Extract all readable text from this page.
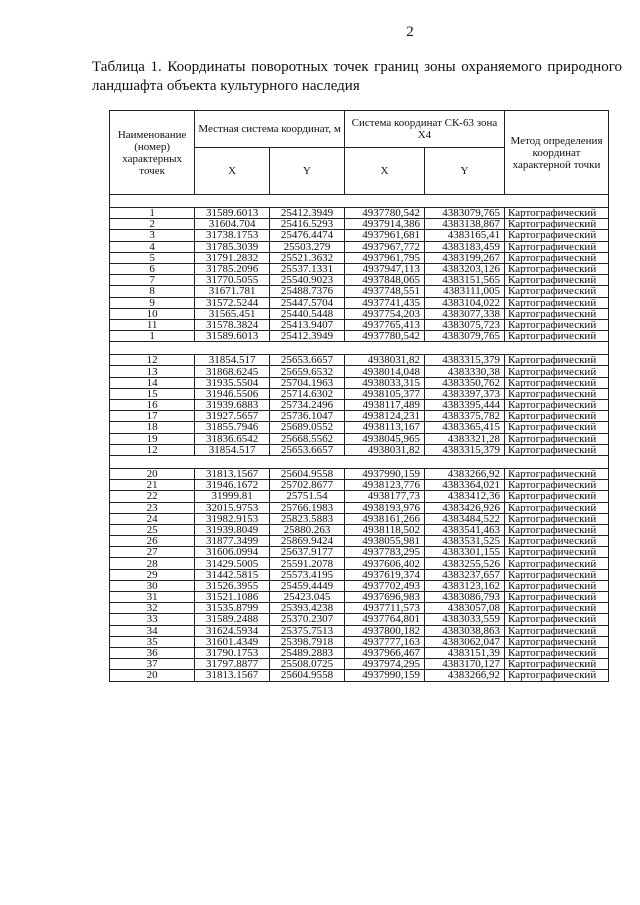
2
Таблица 1. Координаты поворотных точек границ зоны охраняемого природного ландшафта объекта культурного наследия
Наименование (номер) характерных точек	Местная система координат, м		Система координат СК-63 зона Х4		Метод определения координат характерной точки
	X	Y	X	Y	

1	31589.6013	25412.3949	4937780,542	4383079,765	Картографический
2	31604.704	25416.5293	4937914,386	4383138,867	Картографический
3	31738.1753	25476.4474	4937961,681	4383165,41	Картографический
4	31785.3039	25503.279	4937967,772	4383183,459	Картографический
5	31791.2832	25521.3632	4937961,795	4383199,267	Картографический
6	31785.2096	25537.1331	4937947,113	4383203,126	Картографический
7	31770.5055	25540.9023	4937848,065	4383151,565	Картографический
8	31671.781	25488.7376	4937748,551	4383111,005	Картографический
9	31572.5244	25447.5704	4937741,435	4383104,022	Картографический
10	31565.451	25440.5448	4937754,203	4383077,338	Картографический
11	31578.3824	25413.9407	4937765,413	4383075,723	Картографический
1	31589.6013	25412.3949	4937780,542	4383079,765	Картографический

12	31854.517	25653.6657	4938031,82	4383315,379	Картографический
13	31868.6245	25659.6532	4938014,048	4383330,38	Картографический
14	31935.5504	25704.1963	4938033,315	4383350,762	Картографический
15	31946.5506	25714.6302	4938105,377	4383397,373	Картографический
16	31939.6883	25734.2496	4938117,489	4383395,444	Картографический
17	31927.5657	25736.1047	4938124,231	4383375,782	Картографический
18	31855.7946	25689.0552	4938113,167	4383365,415	Картографический
19	31836.6542	25668.5562	4938045,965	4383321,28	Картографический
12	31854.517	25653.6657	4938031,82	4383315,379	Картографический

20	31813.1567	25604.9558	4937990,159	4383266,92	Картографический
21	31946.1672	25702.8677	4938123,776	4383364,021	Картографический
22	31999.81	25751.54	4938177,73	4383412,36	Картографический
23	32015.9753	25766.1983	4938193,976	4383426,926	Картографический
24	31982.9153	25823.5883	4938161,266	4383484,522	Картографический
25	31939.8049	25880.263	4938118,502	4383541,463	Картографический
26	31877.3499	25869.9424	4938055,981	4383531,525	Картографический
27	31606.0994	25637.9177	4937783,295	4383301,155	Картографический
28	31429.5005	25591.2078	4937606,402	4383255,526	Картографический
29	31442.5815	25573.4195	4937619,374	4383237,657	Картографический
30	31526.3955	25459.4449	4937702,493	4383123,162	Картографический
31	31521.1086	25423.045	4937696,983	4383086,793	Картографический
32	31535.8799	25393.4238	4937711,573	4383057,08	Картографический
33	31589.2488	25370.2307	4937764,801	4383033,559	Картографический
34	31624.5934	25375.7513	4937800,182	4383038,863	Картографический
35	31601.4349	25398.7918	4937777,163	4383062,047	Картографический
36	31790.1753	25489.2883	4937966,467	4383151,39	Картографический
37	31797.8877	25508.0725	4937974,295	4383170,127	Картографический
20	31813.1567	25604.9558	4937990,159	4383266,92	Картографический
